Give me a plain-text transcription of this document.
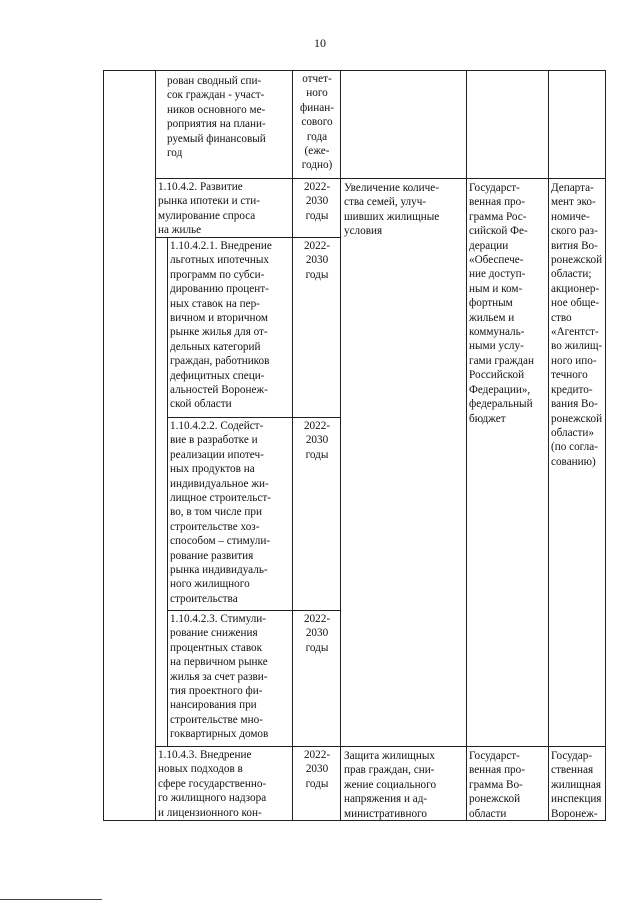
10
рован сводный спи-
сок граждан - участ-
ников основного ме-
роприятия на плани-
руемый финансовый
год
отчет-
ного
финан-
сового
года
(еже-
годно)
1.10.4.2. Развитие
рынка ипотеки и сти-
мулирование спроса
на жилье
2022-
2030
годы
Увеличение количе-
ства семей, улуч-
шивших жилищные
условия
Государст-
венная про-
грамма Рос-
сийской Фе-
дерации
«Обеспече-
ние доступ-
ным и ком-
фортным
жильем и
коммуналь-
ными услу-
гами граждан
Российской
Федерации»,
федеральный
бюджет
Департа-
мент эко-
номиче-
ского раз-
вития Во-
ронежской
области;
акционер-
ное обще-
ство
«Агентст-
во жилищ-
ного ипо-
течного
кредито-
вания Во-
ронежской
области»
(по согла-
сованию)
1.10.4.2.1. Внедрение
льготных ипотечных
программ по субси-
дированию процент-
ных ставок на пер-
вичном и вторичном
рынке жилья для от-
дельных категорий
граждан, работников
дефицитных специ-
альностей Воронеж-
ской области
2022-
2030
годы
1.10.4.2.2. Содейст-
вие в разработке и
реализации ипотеч-
ных продуктов на
индивидуальное жи-
лищное строительст-
во, в том числе при
строительстве хоз-
способом – стимули-
рование развития
рынка индивидуаль-
ного жилищного
строительства
2022-
2030
годы
1.10.4.2.3. Стимули-
рование снижения
процентных ставок
на первичном рынке
жилья за счет разви-
тия проектного фи-
нансирования при
строительстве мно-
гоквартирных домов
2022-
2030
годы
1.10.4.3. Внедрение
новых подходов в
сфере государственно-
го жилищного надзора
и лицензионного кон-
2022-
2030
годы
Защита жилищных
прав граждан, сни-
жение социального
напряжения и ад-
министративного
Государст-
венная про-
грамма Во-
ронежской
области
Государ-
ственная
жилищная
инспекция
Воронеж-
